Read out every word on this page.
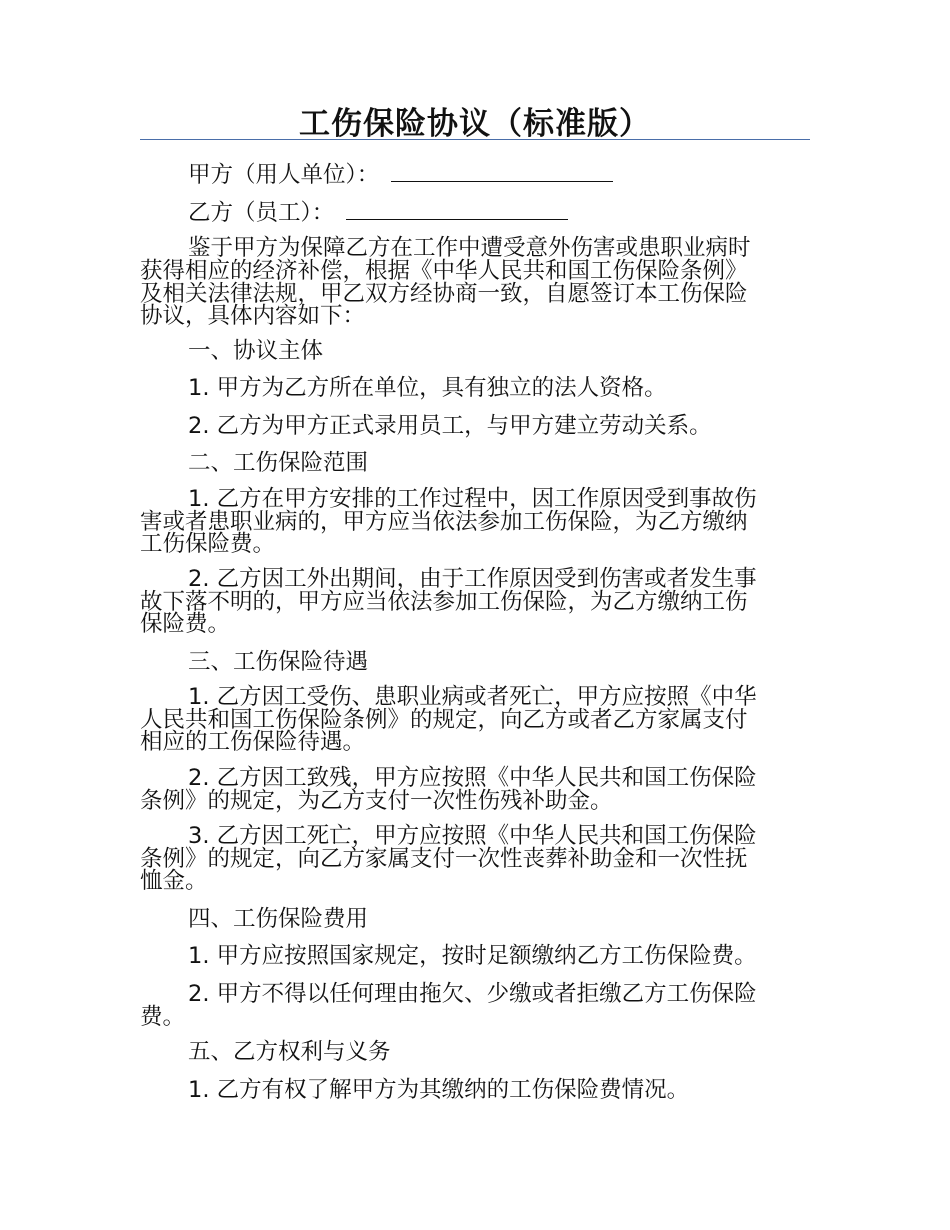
工伤保险协议（标准版）
甲方（用人单位）：
乙方（员工）：
鉴于甲方为保障乙方在工作中遭受意外伤害或患职业病时
获得相应的经济补偿，根据《中华人民共和国工伤保险条例》
及相关法律法规，甲乙双方经协商一致，自愿签订本工伤保险
协议，具体内容如下：
一、协议主体
1. 甲方为乙方所在单位，具有独立的法人资格。
2. 乙方为甲方正式录用员工，与甲方建立劳动关系。
二、工伤保险范围
1. 乙方在甲方安排的工作过程中，因工作原因受到事故伤
害或者患职业病的，甲方应当依法参加工伤保险，为乙方缴纳
工伤保险费。
2. 乙方因工外出期间，由于工作原因受到伤害或者发生事
故下落不明的，甲方应当依法参加工伤保险，为乙方缴纳工伤
保险费。
三、工伤保险待遇
1. 乙方因工受伤、患职业病或者死亡，甲方应按照《中华
人民共和国工伤保险条例》的规定，向乙方或者乙方家属支付
相应的工伤保险待遇。
2. 乙方因工致残，甲方应按照《中华人民共和国工伤保险
条例》的规定，为乙方支付一次性伤残补助金。
3. 乙方因工死亡，甲方应按照《中华人民共和国工伤保险
条例》的规定，向乙方家属支付一次性丧葬补助金和一次性抚
恤金。
四、工伤保险费用
1. 甲方应按照国家规定，按时足额缴纳乙方工伤保险费。
2. 甲方不得以任何理由拖欠、少缴或者拒缴乙方工伤保险
费。
五、乙方权利与义务
1. 乙方有权了解甲方为其缴纳的工伤保险费情况。
